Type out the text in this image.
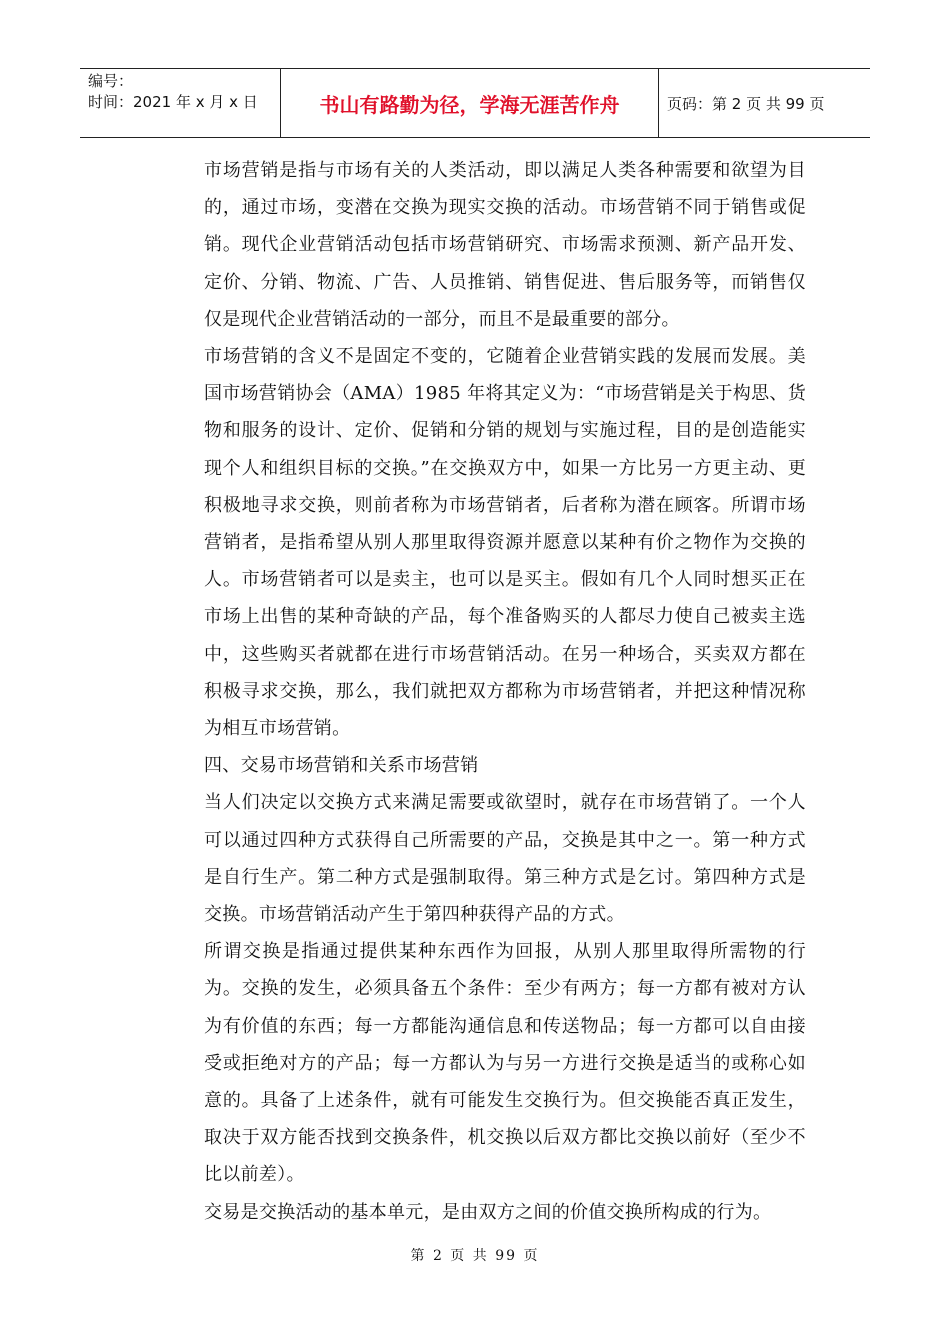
编号：
时间：2021 年 x 月 x 日	书山有路勤为径，学海无涯苦作舟	页码：第 2 页 共 99 页

市场营销是指与市场有关的人类活动，即以满足人类各种需要和欲望为目的，通过市场，变潜在交换为现实交换的活动。市场营销不同于销售或促销。现代企业营销活动包括市场营销研究、市场需求预测、新产品开发、定价、分销、物流、广告、人员推销、销售促进、售后服务等，而销售仅仅是现代企业营销活动的一部分，而且不是最重要的部分。

市场营销的含义不是固定不变的，它随着企业营销实践的发展而发展。美国市场营销协会（AMA）1985 年将其定义为：“市场营销是关于构思、货物和服务的设计、定价、促销和分销的规划与实施过程，目的是创造能实现个人和组织目标的交换。”在交换双方中，如果一方比另一方更主动、更积极地寻求交换，则前者称为市场营销者，后者称为潜在顾客。所谓市场营销者，是指希望从别人那里取得资源并愿意以某种有价之物作为交换的人。市场营销者可以是卖主，也可以是买主。假如有几个人同时想买正在市场上出售的某种奇缺的产品，每个准备购买的人都尽力使自己被卖主选中，这些购买者就都在进行市场营销活动。在另一种场合，买卖双方都在积极寻求交换，那么，我们就把双方都称为市场营销者，并把这种情况称为相互市场营销。

四、交易市场营销和关系市场营销

当人们决定以交换方式来满足需要或欲望时，就存在市场营销了。一个人可以通过四种方式获得自己所需要的产品，交换是其中之一。第一种方式是自行生产。第二种方式是强制取得。第三种方式是乞讨。第四种方式是交换。市场营销活动产生于第四种获得产品的方式。

所谓交换是指通过提供某种东西作为回报，从别人那里取得所需物的行为。交换的发生，必须具备五个条件：至少有两方；每一方都有被对方认为有价值的东西；每一方都能沟通信息和传送物品；每一方都可以自由接受或拒绝对方的产品；每一方都认为与另一方进行交换是适当的或称心如意的。具备了上述条件，就有可能发生交换行为。但交换能否真正发生，取决于双方能否找到交换条件，机交换以后双方都比交换以前好（至少不比以前差）。

交易是交换活动的基本单元，是由双方之间的价值交换所构成的行为。

第 2 页 共 99 页
